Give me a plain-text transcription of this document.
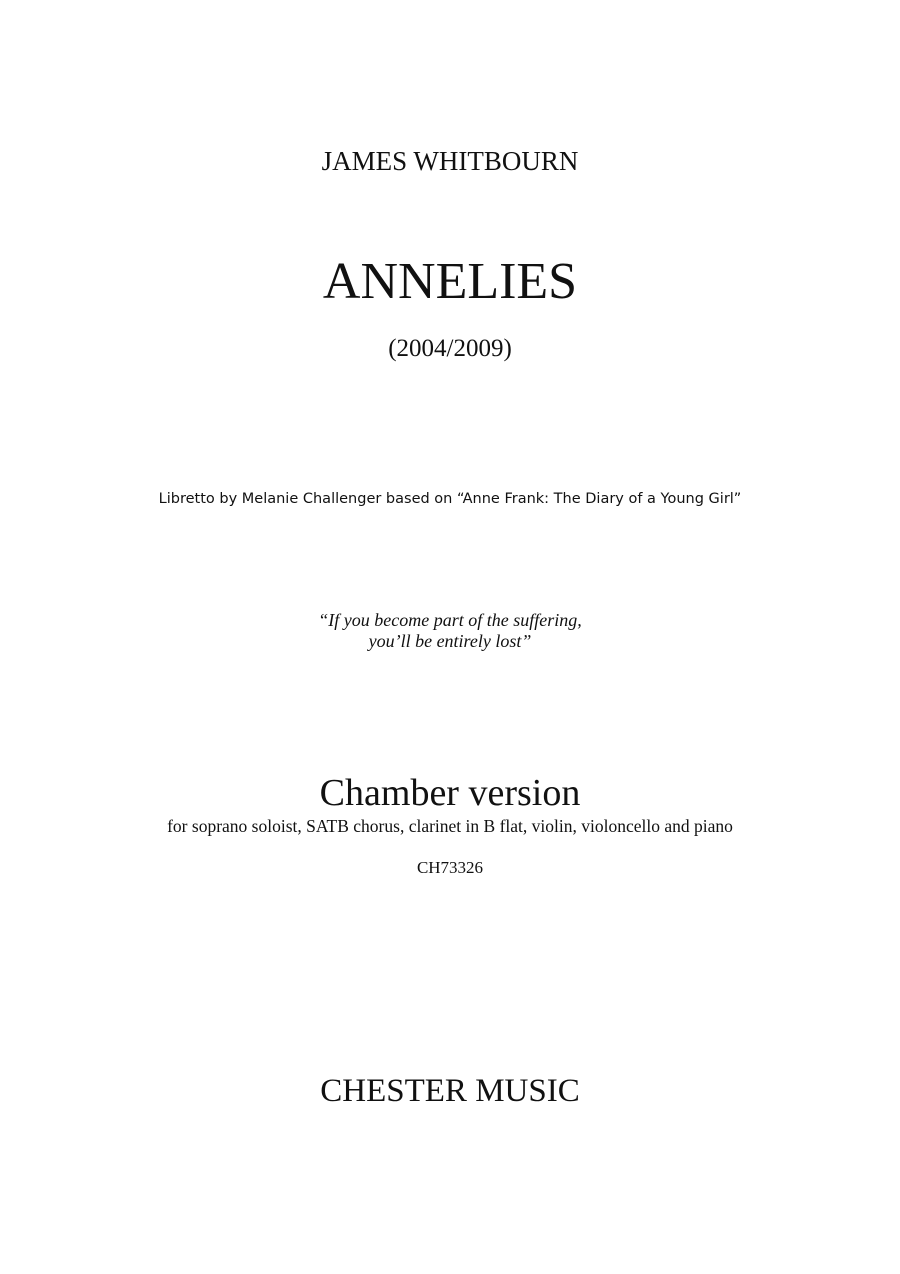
JAMES WHITBOURN
ANNELIES
(2004/2009)
Libretto by Melanie Challenger based on “Anne Frank: The Diary of a Young Girl”
“If you become part of the suffering,
you’ll be entirely lost”
Chamber version
for soprano soloist, SATB chorus, clarinet in B flat, violin, violoncello and piano
CH73326
CHESTER MUSIC
